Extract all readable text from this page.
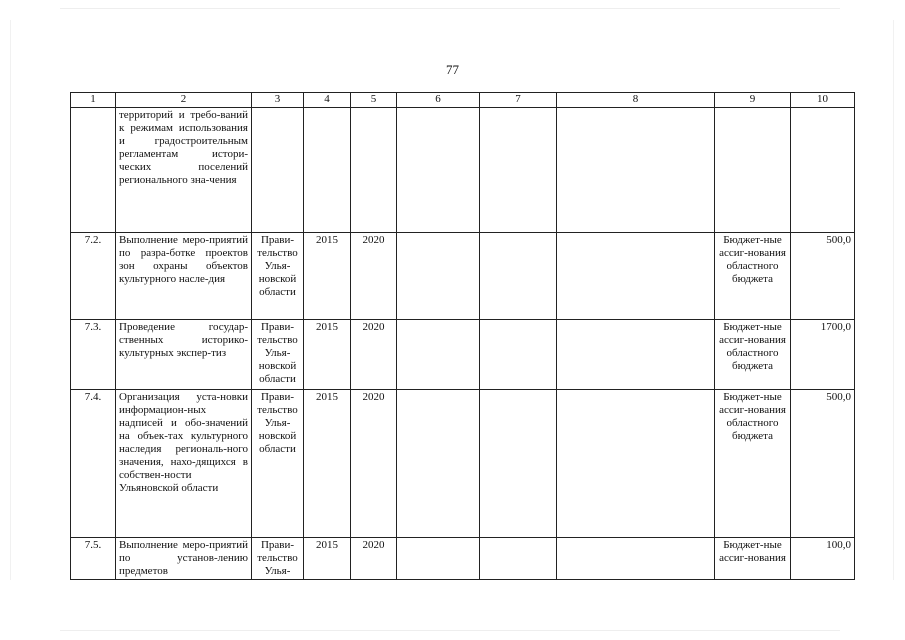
77
1	2	3	4	5	6	7	8	9	10
	территорий и требо-ваний к режимам использования и градостроительным регламентам истори-ческих поселений регионального зна-чения								
7.2.	Выполнение меро-приятий по разра-ботке проектов зон охраны объектов культурного насле-дия	Прави-тельство Улья-новской области	2015	2020				Бюджет-ные ассиг-нования областного бюджета	500,0
7.3.	Проведение государ-ственных историко-культурных экспер-тиз	Прави-тельство Улья-новской области	2015	2020				Бюджет-ные ассиг-нования областного бюджета	1700,0
7.4.	Организация уста-новки информацион-ных надписей и обо-значений на объек-тах культурного наследия региональ-ного значения, нахо-дящихся в собствен-ности Ульяновской области	Прави-тельство Улья-новской области	2015	2020				Бюджет-ные ассиг-нования областного бюджета	500,0
7.5.	Выполнение меро-приятий по установ-лению предметов	Прави-тельство Улья-	2015	2020				Бюджет-ные ассиг-нования	100,0
